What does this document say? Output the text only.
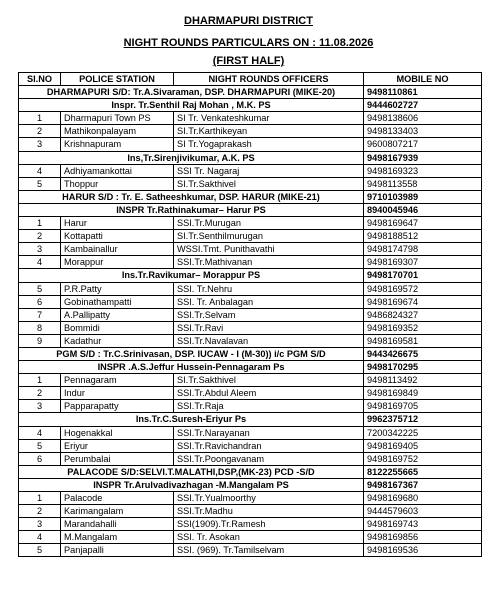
DHARMAPURI DISTRICT
NIGHT ROUNDS PARTICULARS ON : 11.08.2026
(FIRST HALF)
SI.NO	POLICE STATION	NIGHT ROUNDS OFFICERS	MOBILE NO
DHARMAPURI S/D: Tr.A.Sivaraman, DSP. DHARMAPURI (MIKE-20)			9498110861
Inspr. Tr.Senthil Raj Mohan , M.K. PS			9444602727
1	Dharmapuri Town PS	SI Tr. Venkateshkumar	9498138606
2	Mathikonpalayam	SI.Tr.Karthikeyan	9498133403
3	Krishnapuram	SI Tr.Yogaprakash	9600807217
Ins,Tr.Sirenjivikumar, A.K. PS			9498167939
4	Adhiyamankottai	SSI Tr. Nagaraj	9498169323
5	Thoppur	SI.Tr.Sakthivel	9498113558
HARUR S/D : Tr. E. Satheeshkumar, DSP. HARUR (MIKE-21)			9710103989
INSPR Tr.Rathinakumar– Harur PS			8940045946
1	Harur	SSI.Tr.Murugan	9498169647
2	Kottapatti	SI.Tr.Senthilmurugan	9498188512
3	Kambainallur	WSSI.Tmt. Punithavathi	9498174798
4	Morappur	SSI.Tr.Mathivanan	9498169307
Ins.Tr.Ravikumar– Morappur PS			9498170701
5	P.R.Patty	SSI. Tr.Nehru	9498169572
6	Gobinathampatti	SSI. Tr. Anbalagan	9498169674
7	A.Pallipatty	SSI.Tr.Selvam	9486824327
8	Bommidi	SSI.Tr.Ravi	9498169352
9	Kadathur	SSI.Tr.Navalavan	9498169581
PGM S/D : Tr.C.Srinivasan, DSP. IUCAW - I (M-30)) i/c PGM S/D			9443426675
INSPR .A.S.Jeffur Hussein-Pennagaram Ps			9498170295
1	Pennagaram	SI.Tr.Sakthivel	9498113492
2	Indur	SSI.Tr.Abdul Aleem	9498169849
3	Papparapatty	SSI.Tr.Raja	9498169705
Ins.Tr.C.Suresh-Eriyur Ps			9962375712
4	Hogenakkal	SSI.Tr.Narayanan	7200342225
5	Eriyur	SSI.Tr.Ravichandran	9498169405
6	Perumbalai	SSI.Tr.Poongavanam	9498169752
PALACODE S/D:SELVI.T.MALATHI,DSP,(MK-23) PCD -S/D			8122255665
INSPR Tr.Arulvadivazhagan -M.Mangalam PS			9498167367
1	Palacode	SSI.Tr.Yualmoorthy	9498169680
2	Karimangalam	SSI.Tr.Madhu	9444579603
3	Marandahalli	SSI(1909).Tr.Ramesh	9498169743
4	M.Mangalam	SSI. Tr. Asokan	9498169856
5	Panjapalli	SSI. (969). Tr.Tamilselvam	9498169536
